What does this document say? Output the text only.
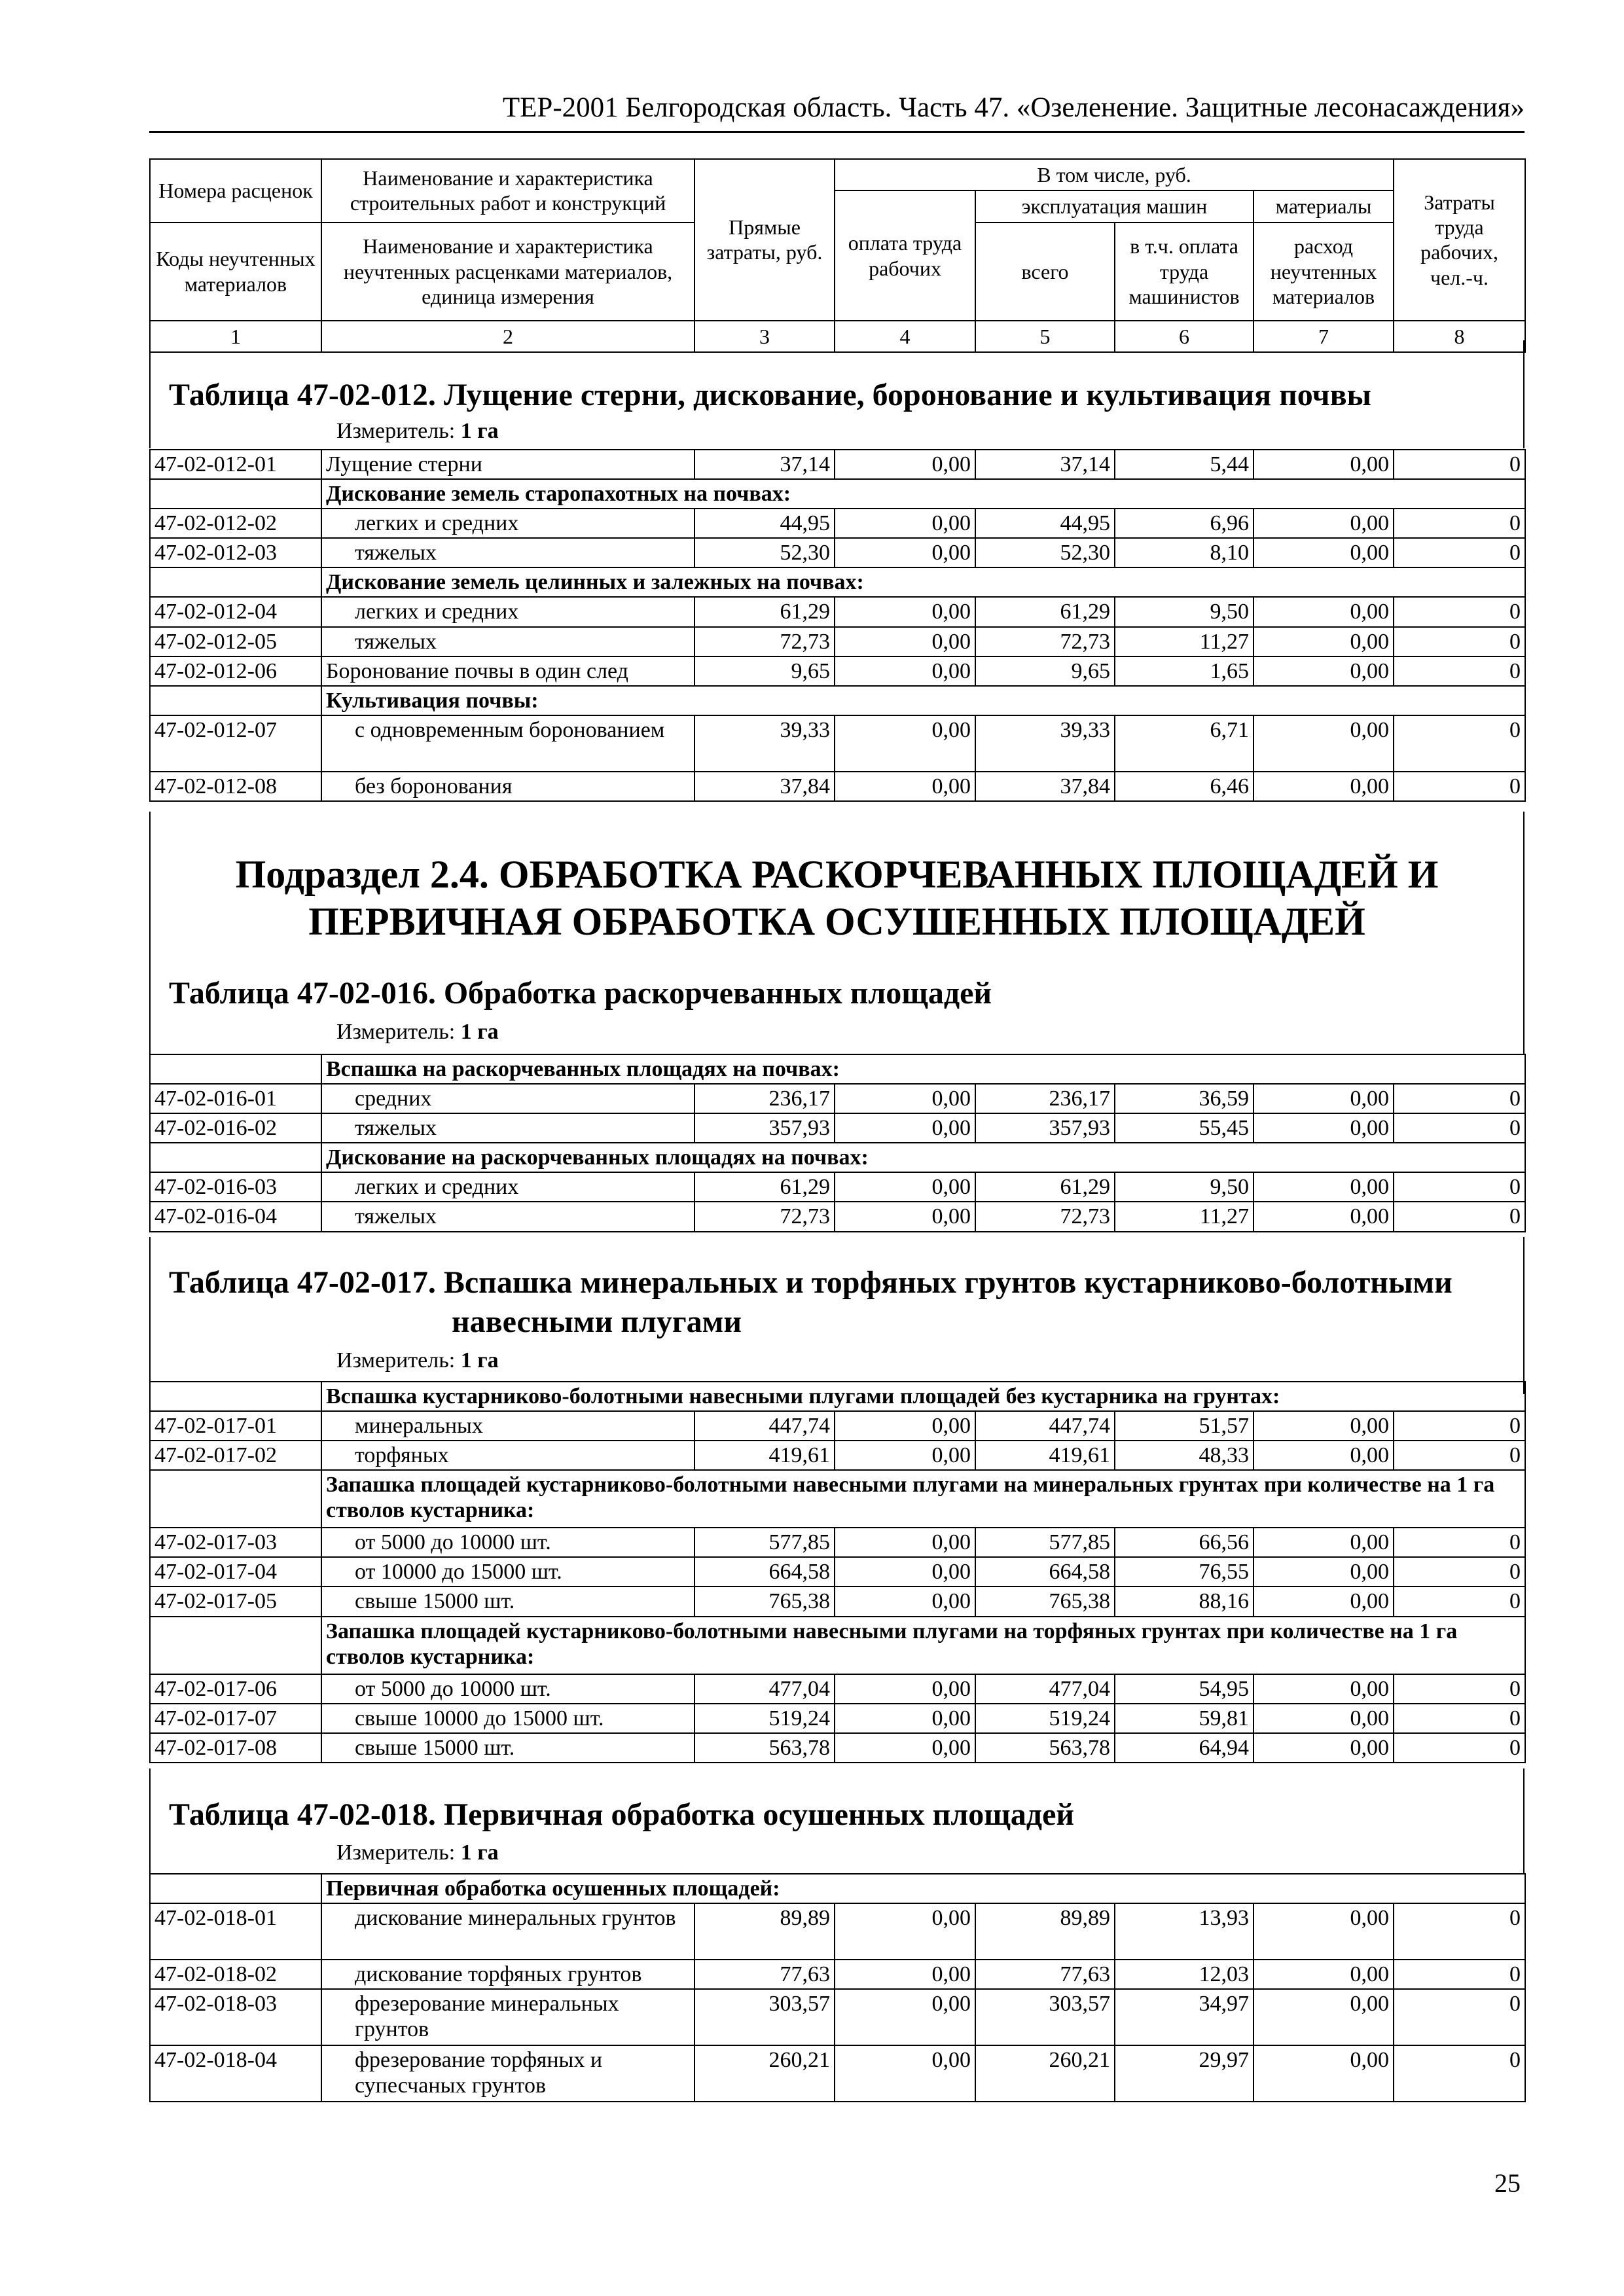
ТЕР-2001 Белгородская область. Часть 47. «Озеленение. Защитные лесонасаждения»
Номера расценок	Наименование и характеристика строительных работ и конструкций	Прямые затраты, руб.	В том числе, руб.				Затраты труда рабочих, чел.-ч.
			оплата труда рабочих	эксплуатация машин		материалы	
Коды неучтенных материалов	Наименование и характеристика неучтенных расценками материалов, единица измерения			всего	в т.ч. оплата труда машинистов	расход неучтенных материалов	
1	2	3	4	5	6	7	8
Таблица 47-02-012. Лущение стерни, дискование, боронование и культивация почвы
Измеритель: 1 га
47-02-012-01	Лущение стерни	37,14	0,00	37,14	5,44	0,00	0
	Дискование земель старопахотных на почвах:						
47-02-012-02	легких и средних	44,95	0,00	44,95	6,96	0,00	0
47-02-012-03	тяжелых	52,30	0,00	52,30	8,10	0,00	0
	Дискование земель целинных и залежных на почвах:						
47-02-012-04	легких и средних	61,29	0,00	61,29	9,50	0,00	0
47-02-012-05	тяжелых	72,73	0,00	72,73	11,27	0,00	0
47-02-012-06	Боронование почвы в один след	9,65	0,00	9,65	1,65	0,00	0
	Культивация почвы:						
47-02-012-07	с одновременным боронованием	39,33	0,00	39,33	6,71	0,00	0
47-02-012-08	без боронования	37,84	0,00	37,84	6,46	0,00	0
Подраздел 2.4. ОБРАБОТКА РАСКОРЧЕВАННЫХ ПЛОЩАДЕЙ И
ПЕРВИЧНАЯ ОБРАБОТКА ОСУШЕННЫХ ПЛОЩАДЕЙ
Таблица 47-02-016. Обработка раскорчеванных площадей
Измеритель: 1 га
	Вспашка на раскорчеванных площадях на почвах:						
47-02-016-01	средних	236,17	0,00	236,17	36,59	0,00	0
47-02-016-02	тяжелых	357,93	0,00	357,93	55,45	0,00	0
	Дискование на раскорчеванных площадях на почвах:						
47-02-016-03	легких и средних	61,29	0,00	61,29	9,50	0,00	0
47-02-016-04	тяжелых	72,73	0,00	72,73	11,27	0,00	0
Таблица 47-02-017. Вспашка минеральных и торфяных грунтов кустарниково-болотными
навесными плугами
Измеритель: 1 га
	Вспашка кустарниково-болотными навесными плугами площадей без кустарника на грунтах:						
47-02-017-01	минеральных	447,74	0,00	447,74	51,57	0,00	0
47-02-017-02	торфяных	419,61	0,00	419,61	48,33	0,00	0
	Запашка площадей кустарниково-болотными навесными плугами на минеральных грунтах при количестве на 1 га стволов кустарника:						
47-02-017-03	от 5000 до 10000 шт.	577,85	0,00	577,85	66,56	0,00	0
47-02-017-04	от 10000 до 15000 шт.	664,58	0,00	664,58	76,55	0,00	0
47-02-017-05	свыше 15000 шт.	765,38	0,00	765,38	88,16	0,00	0
	Запашка площадей кустарниково-болотными навесными плугами на торфяных грунтах при количестве на 1 га стволов кустарника:						
47-02-017-06	от 5000 до 10000 шт.	477,04	0,00	477,04	54,95	0,00	0
47-02-017-07	свыше 10000 до 15000 шт.	519,24	0,00	519,24	59,81	0,00	0
47-02-017-08	свыше 15000 шт.	563,78	0,00	563,78	64,94	0,00	0
Таблица 47-02-018. Первичная обработка осушенных площадей
Измеритель: 1 га
	Первичная обработка осушенных площадей:						
47-02-018-01	дискование минеральных грунтов	89,89	0,00	89,89	13,93	0,00	0
47-02-018-02	дискование торфяных грунтов	77,63	0,00	77,63	12,03	0,00	0
47-02-018-03	фрезерование минеральных грунтов	303,57	0,00	303,57	34,97	0,00	0
47-02-018-04	фрезерование торфяных и супесчаных грунтов	260,21	0,00	260,21	29,97	0,00	0
25
